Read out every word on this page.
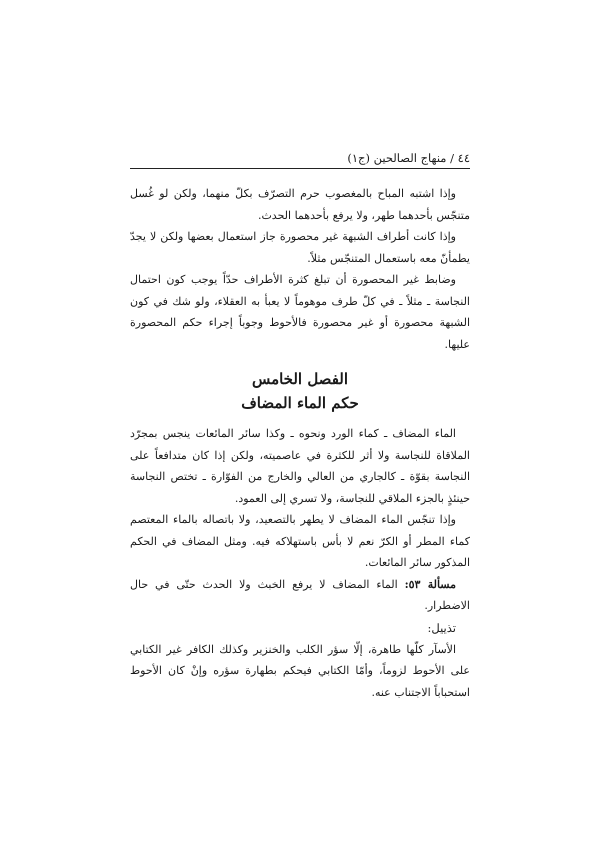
٤٤ / منهاج الصالحين (ج١)

وإذا اشتبه المباح بالمغصوب حرم التصرّف بكلّ منهما، ولكن لو غُسل متنجّس بأحدهما طهر، ولا يرفع بأحدهما الحدث.

وإذا كانت أطراف الشبهة غير محصورة جاز استعمال بعضها ولكن لا يجدّ يطمأنّ معه باستعمال المتنجّس مثلاً.

وضابط غير المحصورة أن تبلغ كثرة الأطراف حدّاً يوجب كون احتمال النجاسة ـ مثلاً ـ في كلّ طرف موهوماً لا يعبأ به العقلاء، ولو شك في كون الشبهة محصورة أو غير محصورة فالأحوط وجوباً إجراء حكم المحصورة عليها.

الفصل الخامس
حكم الماء المضاف

الماء المضاف ـ كماء الورد ونحوه ـ وكذا سائر المائعات ينجس بمجرّد الملاقاة للنجاسة ولا أثر للكثرة في عاصميته، ولكن إذا كان متدافعاً على النجاسة بقوّة ـ كالجاري من العالي والخارج من الفوّارة ـ تختص النجاسة حينئذٍ بالجزء الملاقي للنجاسة، ولا تسري إلى العمود.

وإذا تنجّس الماء المضاف لا يطهر بالتصعيد، ولا باتصاله بالماء المعتصم كماء المطر أو الكرّ نعم لا بأس باستهلاكه فيه. ومثل المضاف في الحكم المذكور سائر المائعات.

مسألة ٥٣: الماء المضاف لا يرفع الخبث ولا الحدث حتّى في حال الاضطرار.

تذييل:

الأسآر كلّها طاهرة، إلّا سؤر الكلب والخنزير وكذلك الكافر غير الكتابي على الأحوط لزوماً، وأمّا الكتابي فيحكم بطهارة سؤره وإنْ كان الأحوط استحباباً الاجتناب عنه.
